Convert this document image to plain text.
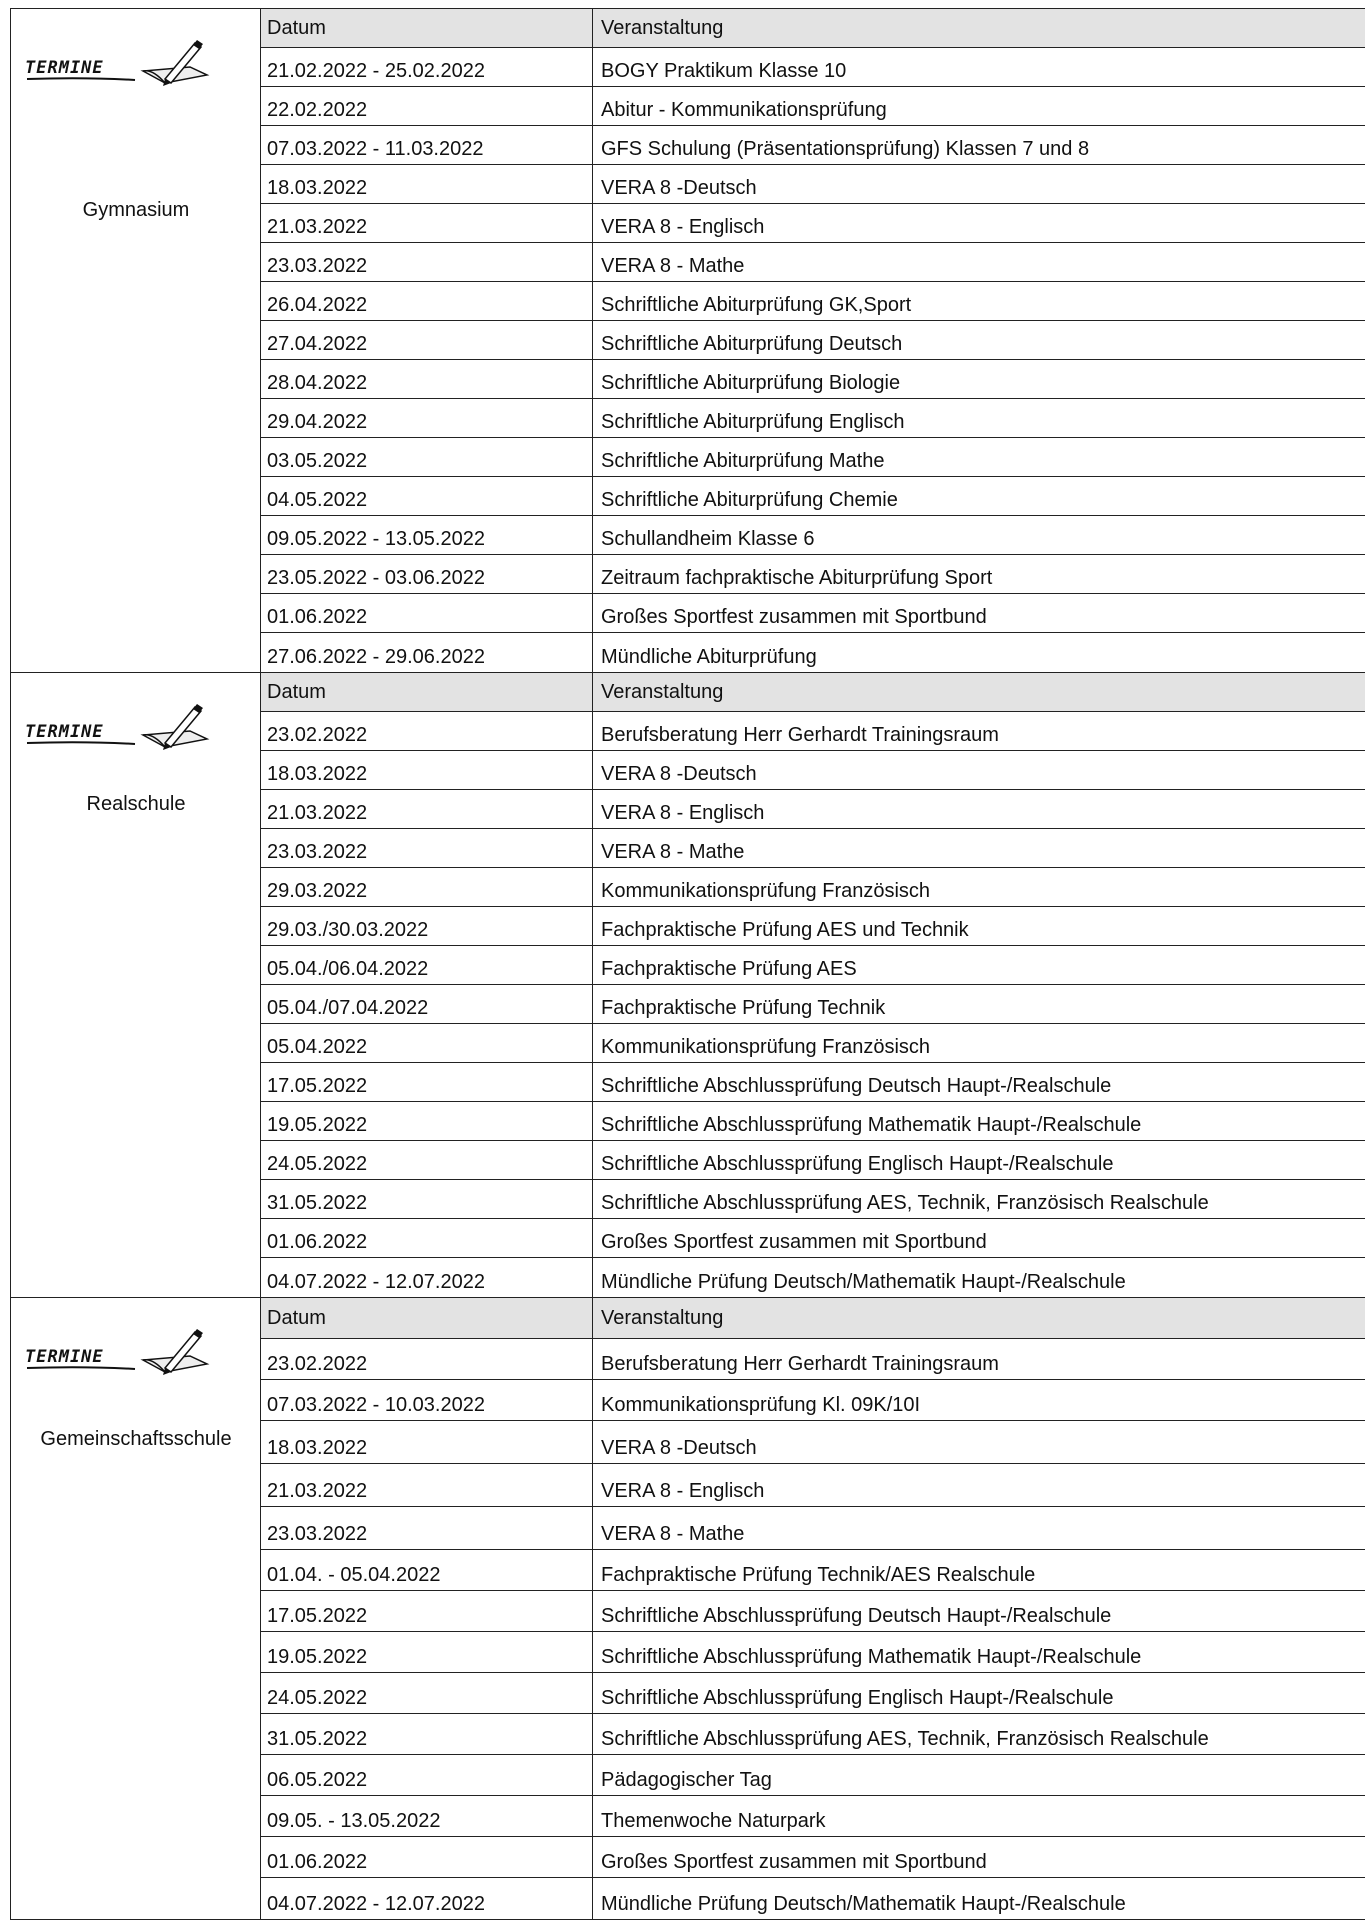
TERMINE
Gymnasium
Datum	Veranstaltung
21.02.2022 - 25.02.2022	BOGY Praktikum Klasse 10
22.02.2022	Abitur - Kommunikationsprüfung
07.03.2022 - 11.03.2022	GFS Schulung (Präsentationsprüfung) Klassen 7 und 8
18.03.2022	VERA 8 -Deutsch
21.03.2022	VERA 8 - Englisch
23.03.2022	VERA 8 - Mathe
26.04.2022	Schriftliche Abiturprüfung GK,Sport
27.04.2022	Schriftliche Abiturprüfung Deutsch
28.04.2022	Schriftliche Abiturprüfung Biologie
29.04.2022	Schriftliche Abiturprüfung Englisch
03.05.2022	Schriftliche Abiturprüfung Mathe
04.05.2022	Schriftliche Abiturprüfung Chemie
09.05.2022 - 13.05.2022	Schullandheim Klasse 6
23.05.2022 - 03.06.2022	Zeitraum fachpraktische Abiturprüfung Sport
01.06.2022	Großes Sportfest zusammen mit Sportbund
27.06.2022 - 29.06.2022	Mündliche Abiturprüfung
TERMINE
Realschule
Datum	Veranstaltung
23.02.2022	Berufsberatung Herr Gerhardt Trainingsraum
18.03.2022	VERA 8 -Deutsch
21.03.2022	VERA 8 - Englisch
23.03.2022	VERA 8 - Mathe
29.03.2022	Kommunikationsprüfung Französisch
29.03./30.03.2022	Fachpraktische Prüfung AES und Technik
05.04./06.04.2022	Fachpraktische Prüfung AES
05.04./07.04.2022	Fachpraktische Prüfung Technik
05.04.2022	Kommunikationsprüfung Französisch
17.05.2022	Schriftliche Abschlussprüfung Deutsch Haupt-/Realschule
19.05.2022	Schriftliche Abschlussprüfung Mathematik Haupt-/Realschule
24.05.2022	Schriftliche Abschlussprüfung Englisch Haupt-/Realschule
31.05.2022	Schriftliche Abschlussprüfung AES, Technik, Französisch Realschule
01.06.2022	Großes Sportfest zusammen mit Sportbund
04.07.2022 - 12.07.2022	Mündliche Prüfung Deutsch/Mathematik Haupt-/Realschule
TERMINE
Gemeinschaftsschule
Datum	Veranstaltung
23.02.2022	Berufsberatung Herr Gerhardt Trainingsraum
07.03.2022 - 10.03.2022	Kommunikationsprüfung Kl. 09K/10I
18.03.2022	VERA 8 -Deutsch
21.03.2022	VERA 8 - Englisch
23.03.2022	VERA 8 - Mathe
01.04. - 05.04.2022	Fachpraktische Prüfung Technik/AES Realschule
17.05.2022	Schriftliche Abschlussprüfung Deutsch Haupt-/Realschule
19.05.2022	Schriftliche Abschlussprüfung Mathematik Haupt-/Realschule
24.05.2022	Schriftliche Abschlussprüfung Englisch Haupt-/Realschule
31.05.2022	Schriftliche Abschlussprüfung AES, Technik, Französisch Realschule
06.05.2022	Pädagogischer Tag
09.05. - 13.05.2022	Themenwoche Naturpark
01.06.2022	Großes Sportfest zusammen mit Sportbund
04.07.2022 - 12.07.2022	Mündliche Prüfung Deutsch/Mathematik Haupt-/Realschule
